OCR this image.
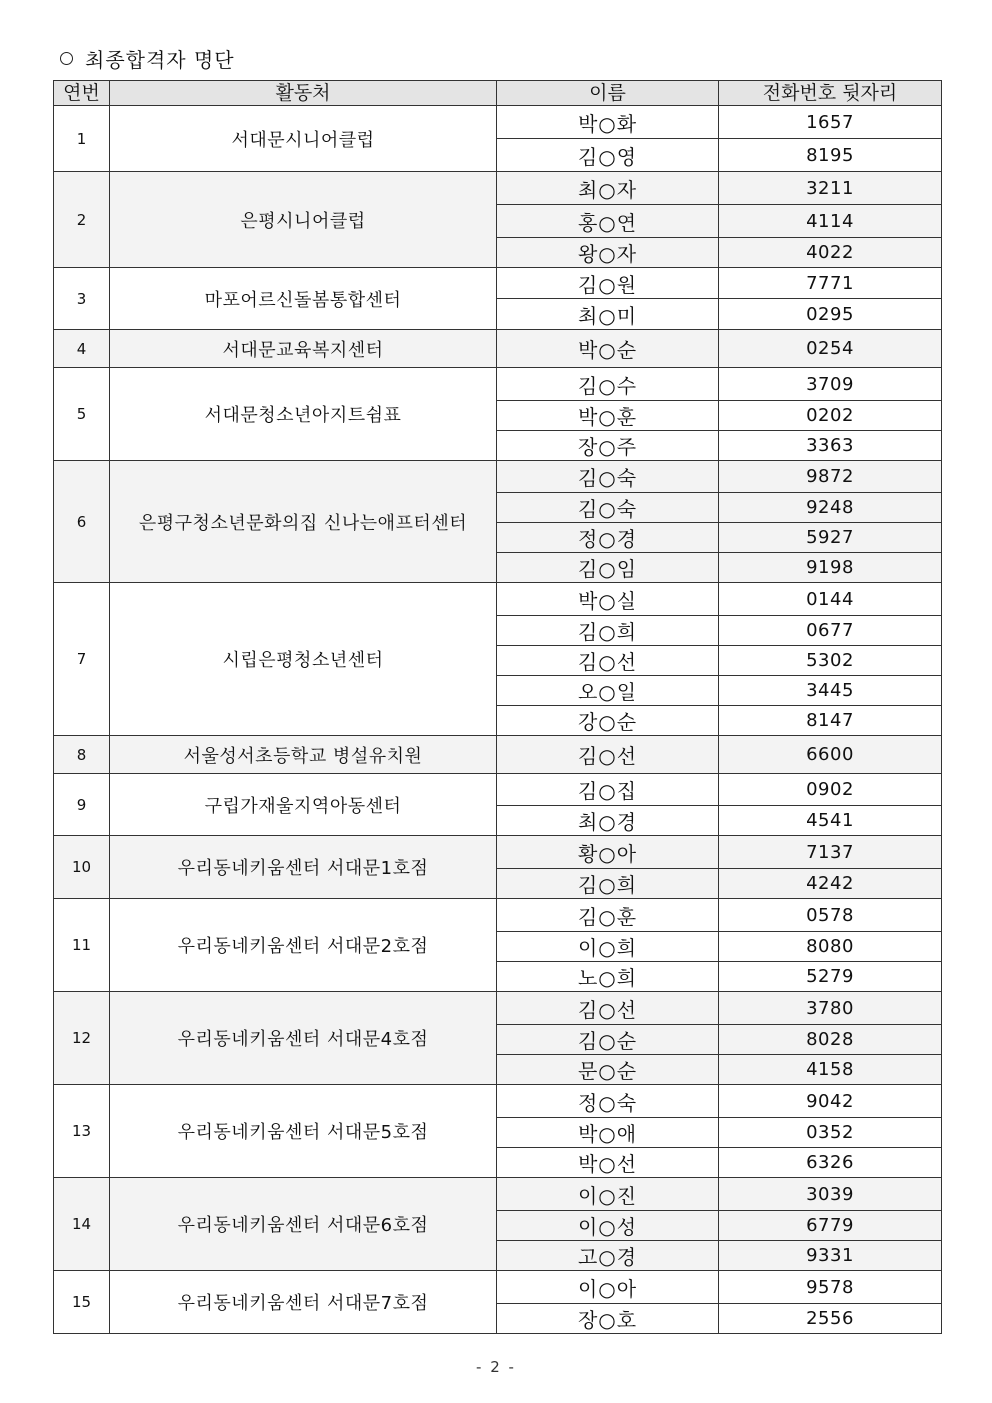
최종합격자 명단
연번	활동처	이름	전화번호 뒷자리
1	서대문시니어클럽	박○화	1657
		김○영	8195
2	은평시니어클럽	최○자	3211
		홍○연	4114
		왕○자	4022
3	마포어르신돌봄통합센터	김○원	7771
		최○미	0295
4	서대문교육복지센터	박○순	0254
5	서대문청소년아지트쉼표	김○수	3709
		박○훈	0202
		장○주	3363
6	은평구청소년문화의집 신나는애프터센터	김○숙	9872
		김○숙	9248
		정○경	5927
		김○임	9198
7	시립은평청소년센터	박○실	0144
		김○희	0677
		김○선	5302
		오○일	3445
		강○순	8147
8	서울성서초등학교 병설유치원	김○선	6600
9	구립가재울지역아동센터	김○집	0902
		최○경	4541
10	우리동네키움센터 서대문1호점	황○아	7137
		김○희	4242
11	우리동네키움센터 서대문2호점	김○훈	0578
		이○희	8080
		노○희	5279
12	우리동네키움센터 서대문4호점	김○선	3780
		김○순	8028
		문○순	4158
13	우리동네키움센터 서대문5호점	정○숙	9042
		박○애	0352
		박○선	6326
14	우리동네키움센터 서대문6호점	이○진	3039
		이○성	6779
		고○경	9331
15	우리동네키움센터 서대문7호점	이○아	9578
		장○호	2556
- 2 -
